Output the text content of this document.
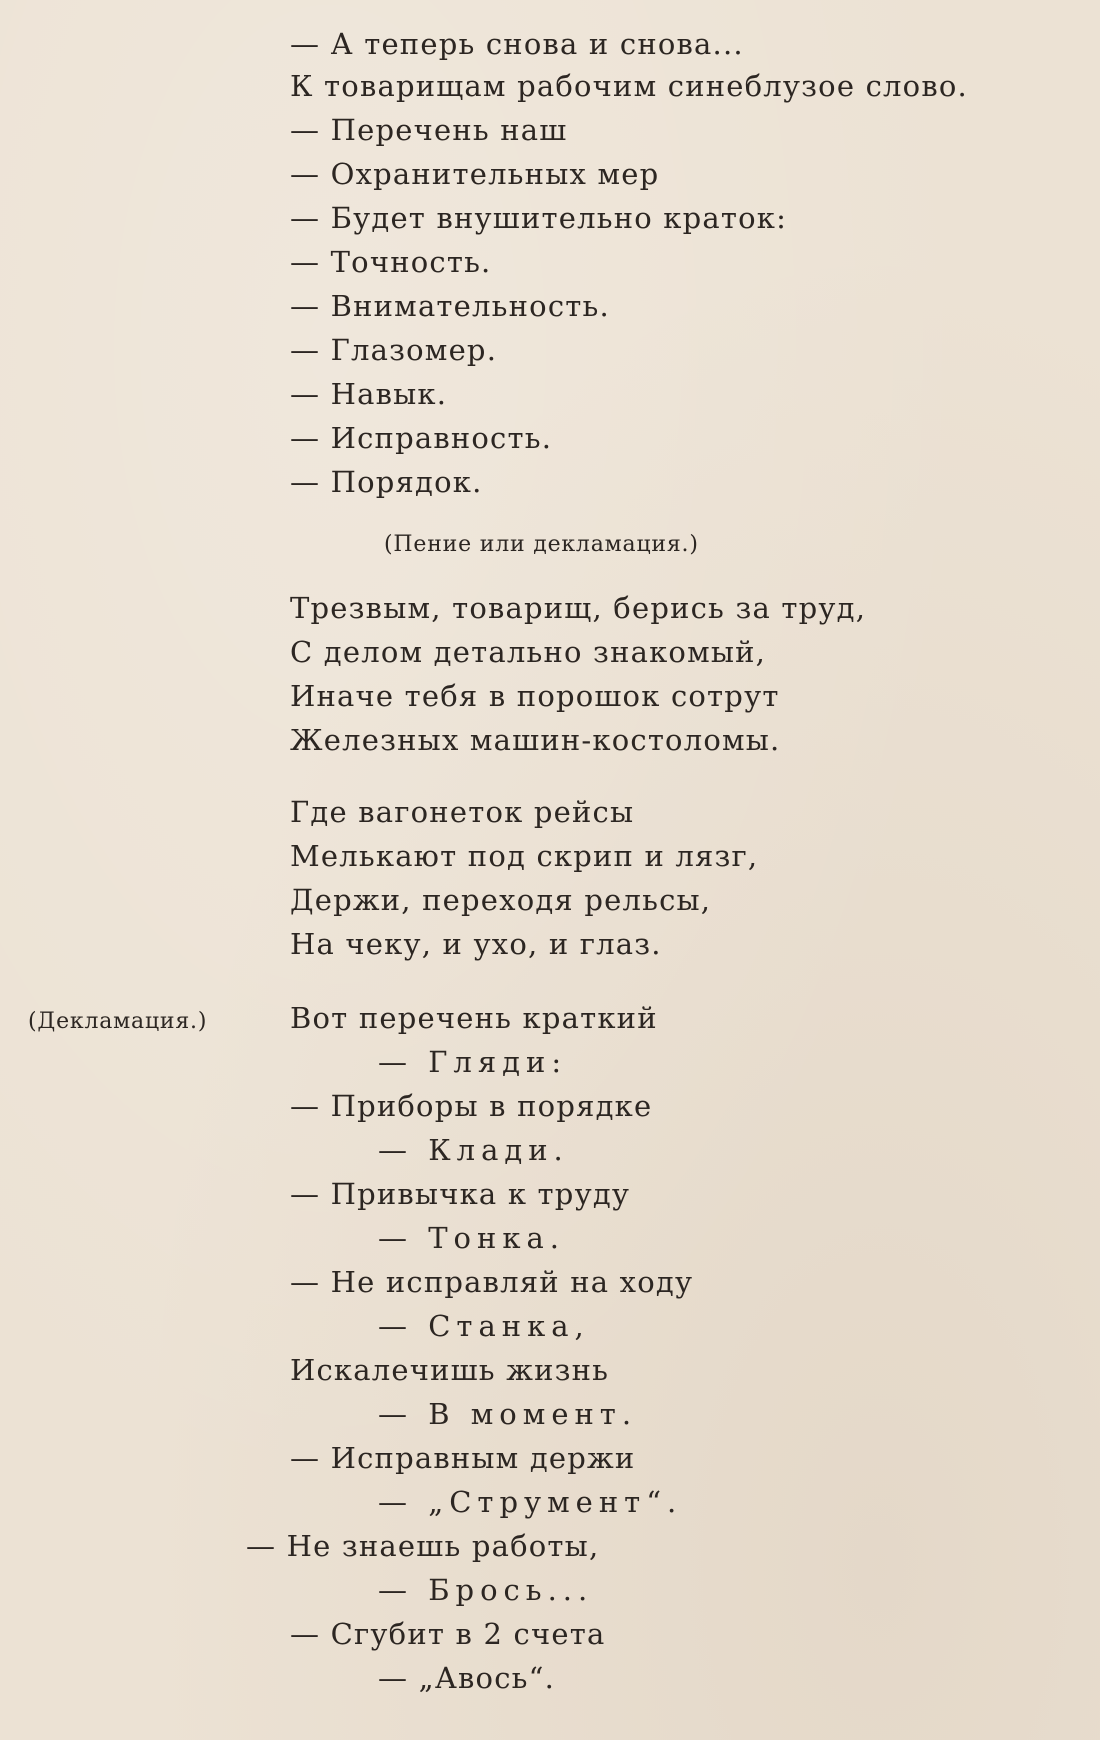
— А теперь снова и снова...
К товарищам рабочим синеблузое слово.
— Перечень наш
— Охранительных мер
— Будет внушительно краток:
— Точность.
— Внимательность.
— Глазомер.
— Навык.
— Исправность.
— Порядок.
(Пение или декламация.)
Трезвым, товарищ, берись за труд,
С делом детально знакомый,
Иначе тебя в порошок сотрут
Железных машин-костоломы.
Где вагонеток рейсы
Мелькают под скрип и лязг,
Держи, переходя рельсы,
На чеку, и ухо, и глаз.
(Декламация.)	Вот перечень краткий
— Гляди:
— Приборы в порядке
— Клади.
— Привычка к труду
— Тонка.
— Не исправляй на ходу
— Станка,
Искалечишь жизнь
— В момент.
— Исправным держи
— „Струмент“.
— Не знаешь работы,
— Брось...
— Сгубит в 2 счета
— „Авось“.
